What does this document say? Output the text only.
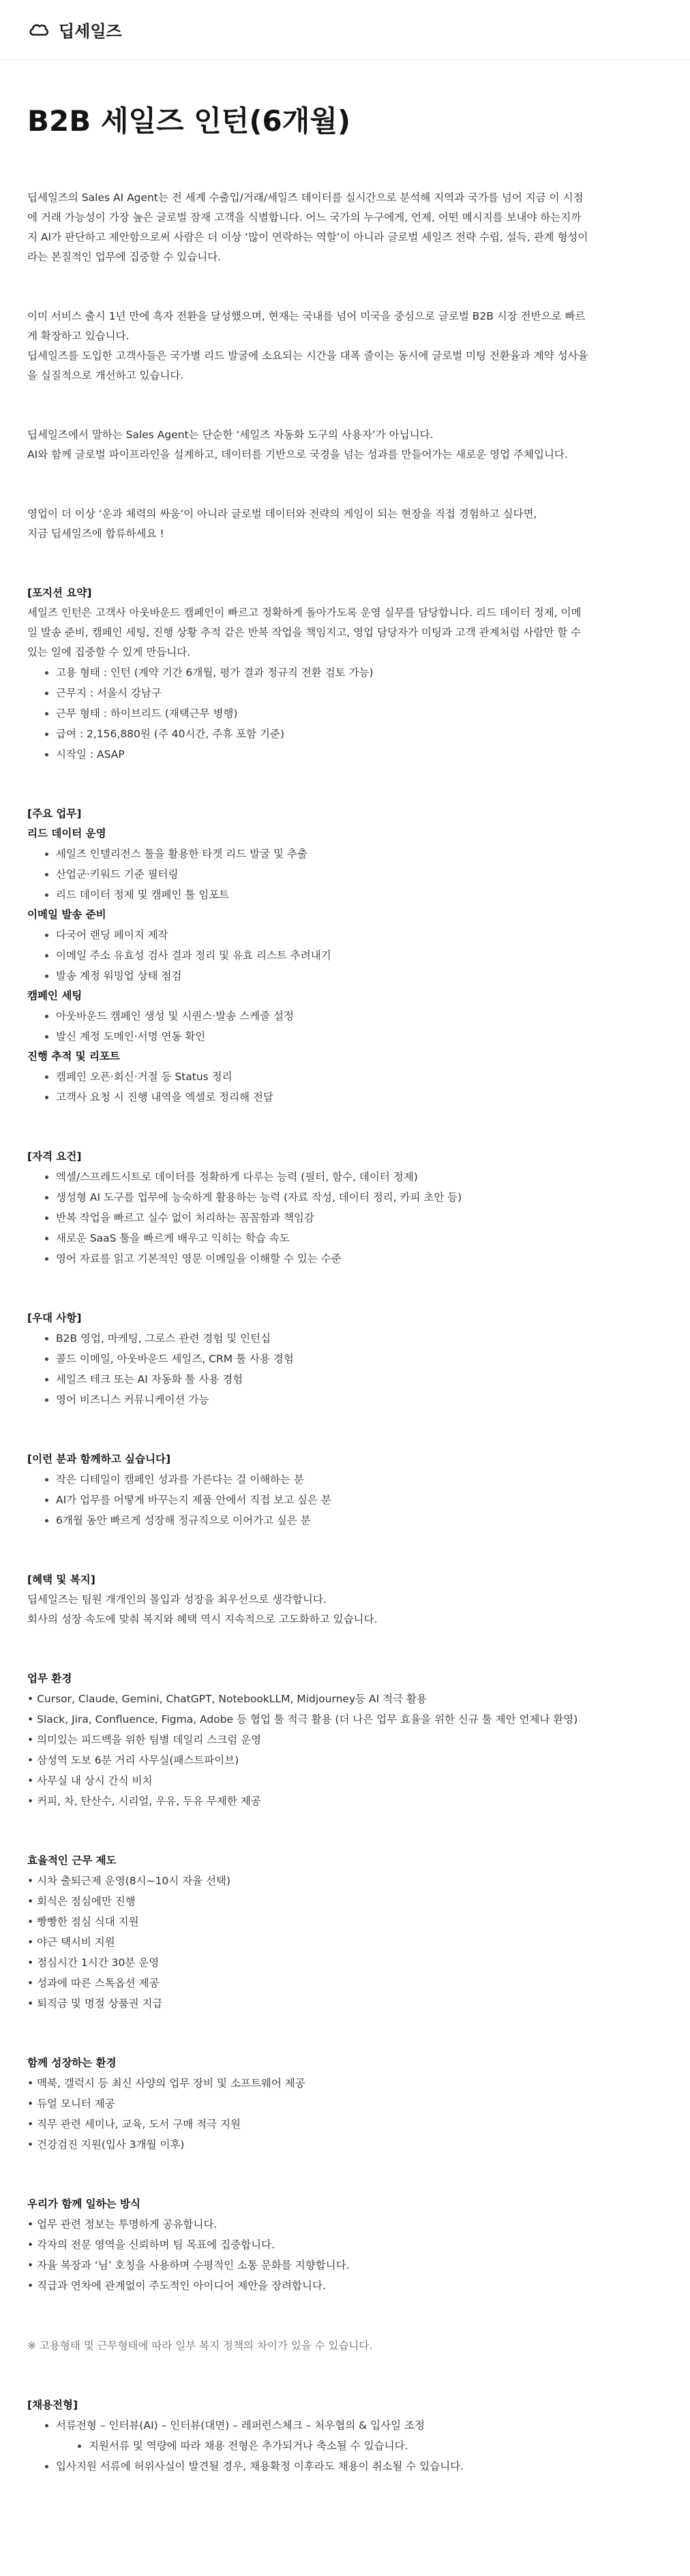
딥세일즈
B2B 세일즈 인턴(6개월)
딥세일즈의 Sales AI Agent는 전 세계 수출입/거래/세일즈 데이터를 실시간으로 분석해 지역과 국가를 넘어 지금 이 시점
에 거래 가능성이 가장 높은 글로벌 잠재 고객을 식별합니다. 어느 국가의 누구에게, 언제, 어떤 메시지를 보내야 하는지까
지 AI가 판단하고 제안함으로써 사람은 더 이상 ‘많이 연락하는 역할’이 아니라 글로벌 세일즈 전략 수립, 설득, 관계 형성이
라는 본질적인 업무에 집중할 수 있습니다.
이미 서비스 출시 1년 만에 흑자 전환을 달성했으며, 현재는 국내를 넘어 미국을 중심으로 글로벌 B2B 시장 전반으로 빠르
게 확장하고 있습니다.
딥세일즈를 도입한 고객사들은 국가별 리드 발굴에 소요되는 시간을 대폭 줄이는 동시에 글로벌 미팅 전환율과 계약 성사율
을 실질적으로 개선하고 있습니다.
딥세일즈에서 말하는 Sales Agent는 단순한 ‘세일즈 자동화 도구의 사용자’가 아닙니다.
AI와 함께 글로벌 파이프라인을 설계하고, 데이터를 기반으로 국경을 넘는 성과를 만들어가는 새로운 영업 주체입니다.
영업이 더 이상 ‘운과 체력의 싸움’이 아니라 글로벌 데이터와 전략의 게임이 되는 현장을 직접 경험하고 싶다면,
지금 딥세일즈에 합류하세요 !
[포지션 요약]
세일즈 인턴은 고객사 아웃바운드 캠페인이 빠르고 정확하게 돌아가도록 운영 실무를 담당합니다. 리드 데이터 정제, 이메
일 발송 준비, 캠페인 세팅, 진행 상황 추적 같은 반복 작업을 책임지고, 영업 담당자가 미팅과 고객 관계처럼 사람만 할 수
있는 일에 집중할 수 있게 만듭니다.
고용 형태 : 인턴 (계약 기간 6개월, 평가 결과 정규직 전환 검토 가능)
근무지 : 서울시 강남구
근무 형태 : 하이브리드 (재택근무 병행)
급여 : 2,156,880원 (주 40시간, 주휴 포함 기준)
시작일 : ASAP
[주요 업무]
리드 데이터 운영
세일즈 인텔리전스 툴을 활용한 타겟 리드 발굴 및 추출
산업군·키워드 기준 필터링
리드 데이터 정제 및 캠페인 툴 임포트
이메일 발송 준비
다국어 랜딩 페이지 제작
이메일 주소 유효성 검사 결과 정리 및 유효 리스트 추려내기
발송 계정 워밍업 상태 점검
캠페인 세팅
아웃바운드 캠페인 생성 및 시퀀스·발송 스케줄 설정
발신 계정 도메인·서명 연동 확인
진행 추적 및 리포트
캠페인 오픈·회신·거절 등 Status 정리
고객사 요청 시 진행 내역을 엑셀로 정리해 전달
[자격 요건]
엑셀/스프레드시트로 데이터를 정확하게 다루는 능력 (필터, 함수, 데이터 정제)
생성형 AI 도구를 업무에 능숙하게 활용하는 능력 (자료 작성, 데이터 정리, 카피 초안 등)
반복 작업을 빠르고 실수 없이 처리하는 꼼꼼함과 책임감
새로운 SaaS 툴을 빠르게 배우고 익히는 학습 속도
영어 자료를 읽고 기본적인 영문 이메일을 이해할 수 있는 수준
[우대 사항]
B2B 영업, 마케팅, 그로스 관련 경험 및 인턴십
콜드 이메일, 아웃바운드 세일즈, CRM 툴 사용 경험
세일즈 테크 또는 AI 자동화 툴 사용 경험
영어 비즈니스 커뮤니케이션 가능
[이런 분과 함께하고 싶습니다]
작은 디테일이 캠페인 성과를 가른다는 걸 이해하는 분
AI가 업무를 어떻게 바꾸는지 제품 안에서 직접 보고 싶은 분
6개월 동안 빠르게 성장해 정규직으로 이어가고 싶은 분
[혜택 및 복지]
딥세일즈는 팀원 개개인의 몰입과 성장을 최우선으로 생각합니다.
회사의 성장 속도에 맞춰 복지와 혜택 역시 지속적으로 고도화하고 있습니다.
업무 환경
• Cursor, Claude, Gemini, ChatGPT, NotebookLLM, Midjourney등 AI 적극 활용
• Slack, Jira, Confluence, Figma, Adobe 등 협업 툴 적극 활용 (더 나은 업무 효율을 위한 신규 툴 제안 언제나 환영)
• 의미있는 피드백을 위한 팀별 데일리 스크럼 운영
• 삼성역 도보 6분 거리 사무실(패스트파이브)
• 사무실 내 상시 간식 비치
• 커피, 차, 탄산수, 시리얼, 우유, 두유 무제한 제공
효율적인 근무 제도
• 시차 출퇴근제 운영(8시~10시 자율 선택)
• 회식은 점심에만 진행
• 빵빵한 점심 식대 지원
• 야근 택시비 지원
• 점심시간 1시간 30분 운영
• 성과에 따른 스톡옵션 제공
• 퇴직금 및 명절 상품권 지급
함께 성장하는 환경
• 맥북, 갤럭시 등 최신 사양의 업무 장비 및 소프트웨어 제공
• 듀얼 모니터 제공
• 직무 관련 세미나, 교육, 도서 구매 적극 지원
• 건강검진 지원(입사 3개월 이후)
우리가 함께 일하는 방식
• 업무 관련 정보는 투명하게 공유합니다.
• 각자의 전문 영역을 신뢰하며 팀 목표에 집중합니다.
• 자율 복장과 ‘님’ 호칭을 사용하며 수평적인 소통 문화를 지향합니다.
• 직급과 연차에 관계없이 주도적인 아이디어 제안을 장려합니다.
※ 고용형태 및 근무형태에 따라 일부 복지 정책의 차이가 있을 수 있습니다.
[채용전형]
서류전형 – 인터뷰(AI) – 인터뷰(대면) – 레퍼런스체크 – 처우협의 & 입사일 조정
지원서류 및 역량에 따라 채용 전형은 추가되거나 축소될 수 있습니다.
입사지원 서류에 허위사실이 발견될 경우, 채용확정 이후라도 채용이 취소될 수 있습니다.
